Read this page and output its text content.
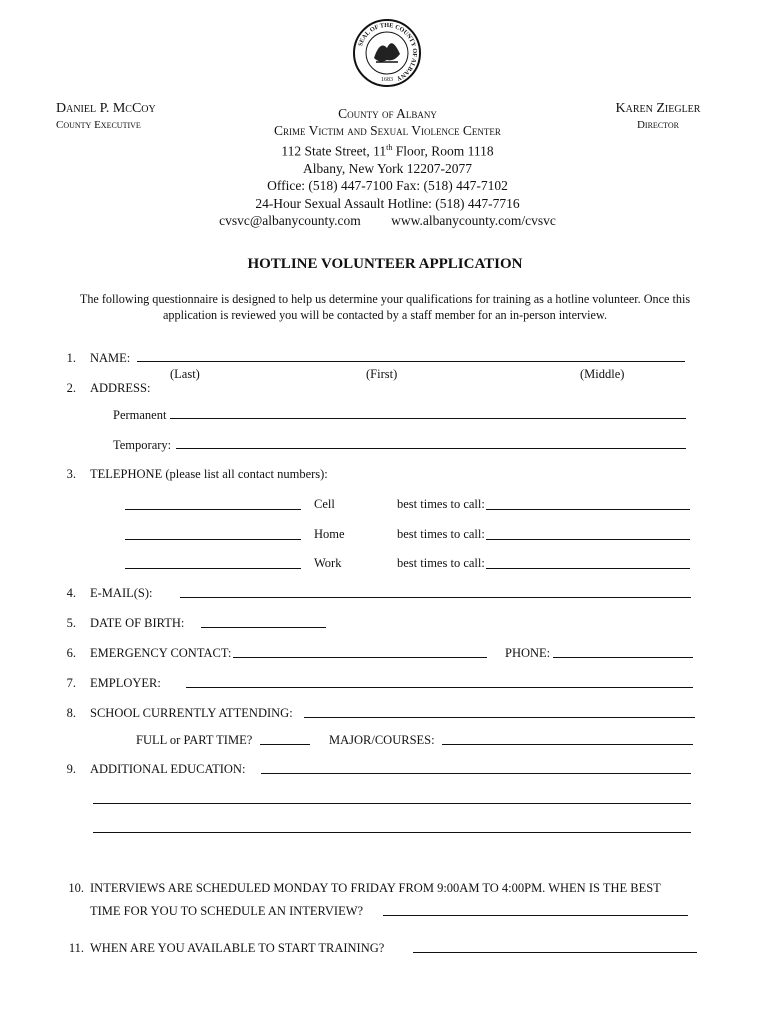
SEAL OF THE COUNTY OF ALBANY
1683
Daniel P. McCoy
County Executive
Karen Ziegler
Director
County of Albany
Crime Victim and Sexual Violence Center
112 State Street, 11th Floor, Room 1118
Albany, New York 12207-2077
Office: (518) 447-7100 Fax: (518) 447-7102
24-Hour Sexual Assault Hotline: (518) 447-7716
cvsvc@albanycounty.com www.albanycounty.com/cvsvc
HOTLINE VOLUNTEER APPLICATION
The following questionnaire is designed to help us determine your qualifications for training as a hotline volunteer. Once this application is reviewed you will be contacted by a staff member for an in-person interview.
1. NAME:
(Last)	(First)	(Middle)
2. ADDRESS:
Permanent
Temporary:
3. TELEPHONE (please list all contact numbers):
Cell	best times to call:
Home	best times to call:
Work	best times to call:
4. E-MAIL(S):
5. DATE OF BIRTH:
6. EMERGENCY CONTACT:	PHONE:
7. EMPLOYER:
8. SCHOOL CURRENTLY ATTENDING:
FULL or PART TIME?	MAJOR/COURSES:
9. ADDITIONAL EDUCATION:
10. INTERVIEWS ARE SCHEDULED MONDAY TO FRIDAY FROM 9:00AM TO 4:00PM. WHEN IS THE BEST
TIME FOR YOU TO SCHEDULE AN INTERVIEW?
11. WHEN ARE YOU AVAILABLE TO START TRAINING?
